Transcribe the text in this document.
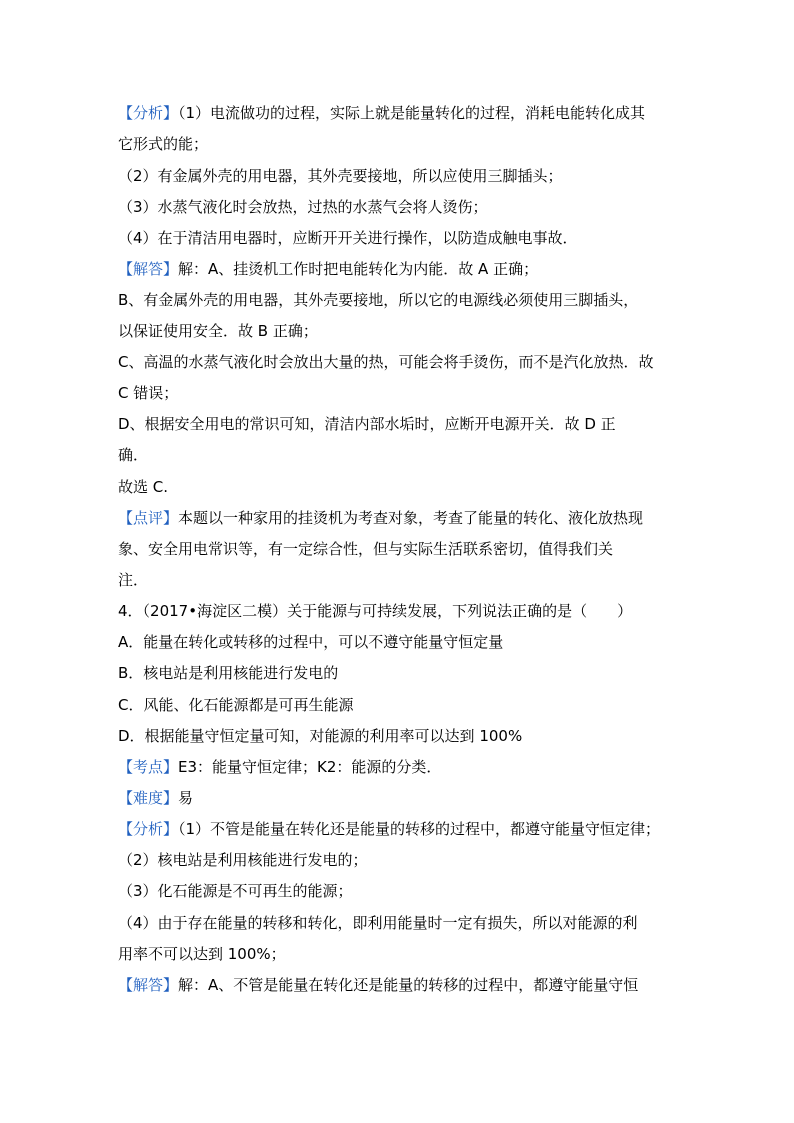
【分析】（1）电流做功的过程，实际上就是能量转化的过程，消耗电能转化成其
它形式的能；
（2）有金属外壳的用电器，其外壳要接地，所以应使用三脚插头；
（3）水蒸气液化时会放热，过热的水蒸气会将人烫伤；
（4）在于清洁用电器时，应断开开关进行操作，以防造成触电事故．
【解答】解：A、挂烫机工作时把电能转化为内能．故 A 正确；
B、有金属外壳的用电器，其外壳要接地，所以它的电源线必须使用三脚插头，
以保证使用安全．故 B 正确；
C、高温的水蒸气液化时会放出大量的热，可能会将手烫伤，而不是汽化放热．故
C 错误；
D、根据安全用电的常识可知，清洁内部水垢时，应断开电源开关．故 D 正
确．
故选 C.
【点评】本题以一种家用的挂烫机为考查对象，考查了能量的转化、液化放热现
象、安全用电常识等，有一定综合性，但与实际生活联系密切，值得我们关
注．
4．（2017•海淀区二模）关于能源与可持续发展，下列说法正确的是（　　）
A．能量在转化或转移的过程中，可以不遵守能量守恒定量
B．核电站是利用核能进行发电的
C．风能、化石能源都是可再生能源
D．根据能量守恒定量可知，对能源的利用率可以达到 100%
【考点】E3：能量守恒定律；K2：能源的分类．
【难度】易
【分析】（1）不管是能量在转化还是能量的转移的过程中，都遵守能量守恒定律；
（2）核电站是利用核能进行发电的；
（3）化石能源是不可再生的能源；
（4）由于存在能量的转移和转化，即利用能量时一定有损失，所以对能源的利
用率不可以达到 100%；
【解答】解：A、不管是能量在转化还是能量的转移的过程中，都遵守能量守恒
